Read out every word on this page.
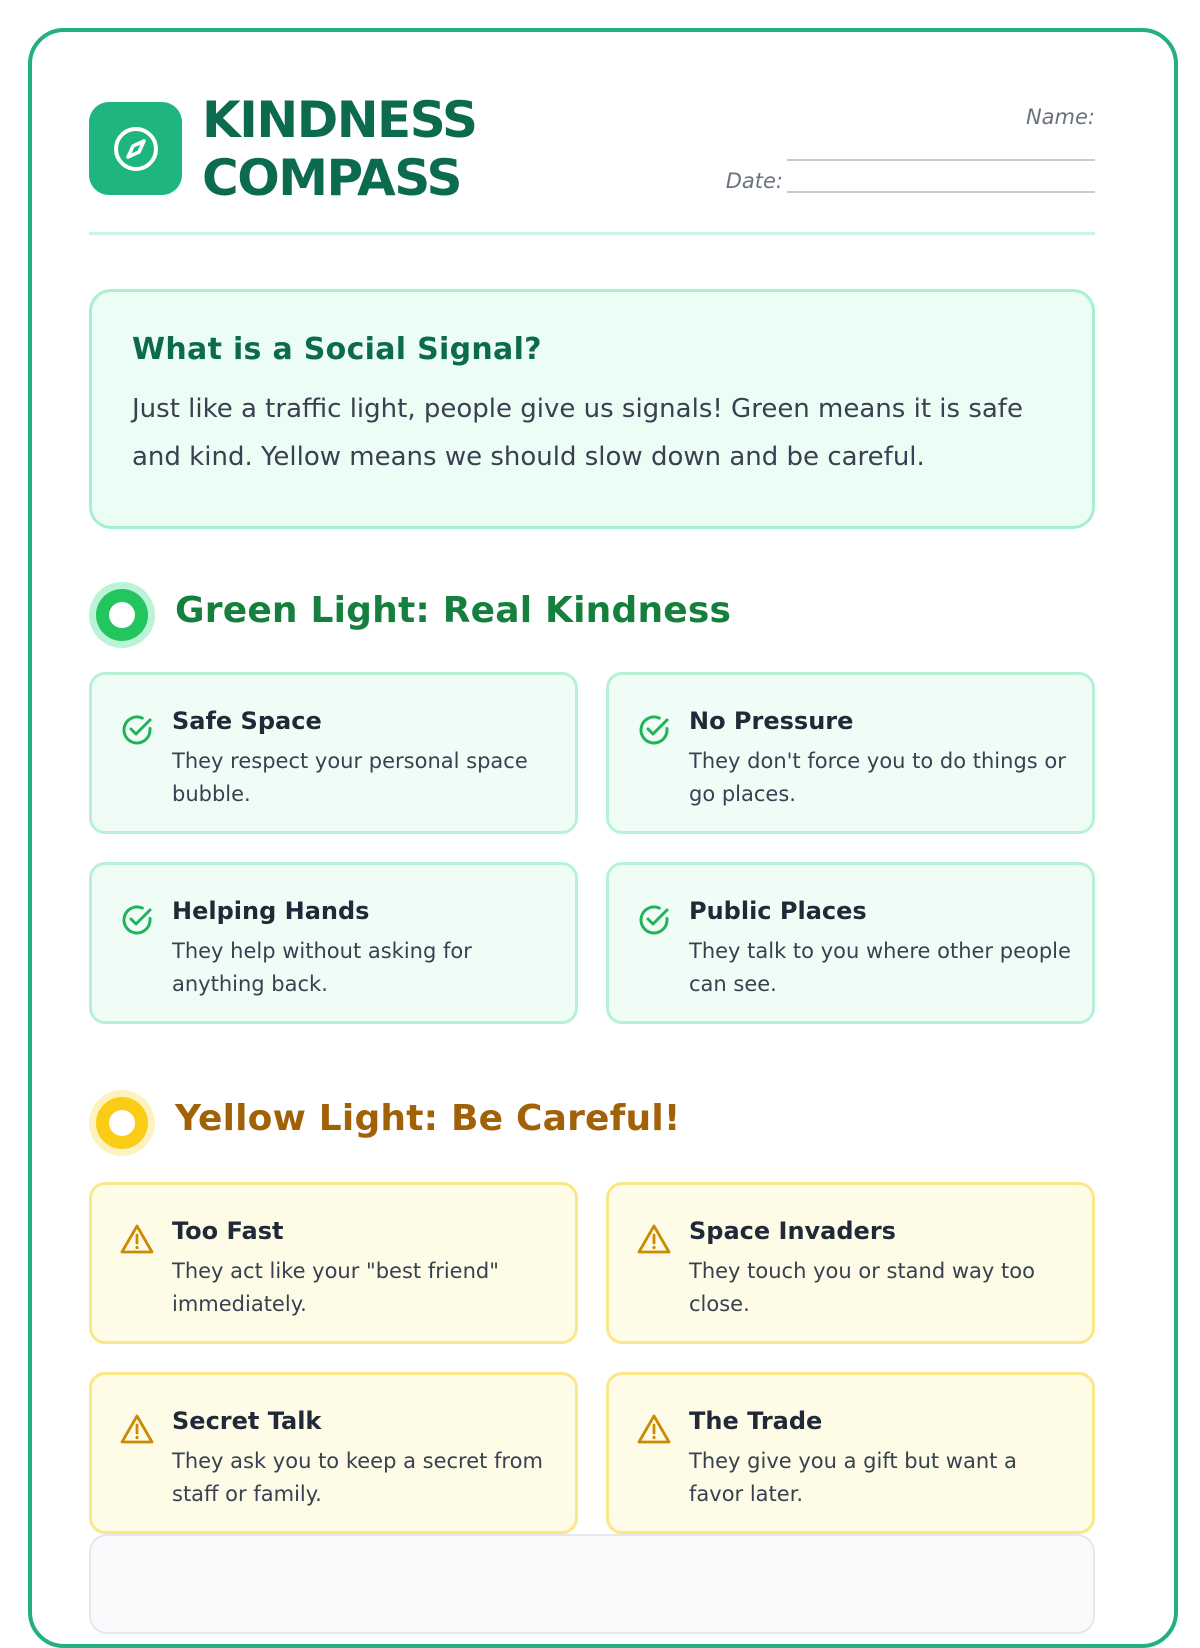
KINDNESS
COMPASS
Name:
Date:
What is a Social Signal?

Just like a traffic light, people give us signals! Green means it is safe and kind. Yellow means we should slow down and be careful.

Green Light: Real Kindness
Safe Space

They respect your personal space bubble.

No Pressure

They don't force you to do things or go places.

Helping Hands

They help without asking for anything back.

Public Places

They talk to you where other people can see.

Yellow Light: Be Careful!
Too Fast

They act like your "best friend" immediately.

Space Invaders

They touch you or stand way too close.

Secret Talk

They ask you to keep a secret from staff or family.

The Trade

They give you a gift but want a favor later.
